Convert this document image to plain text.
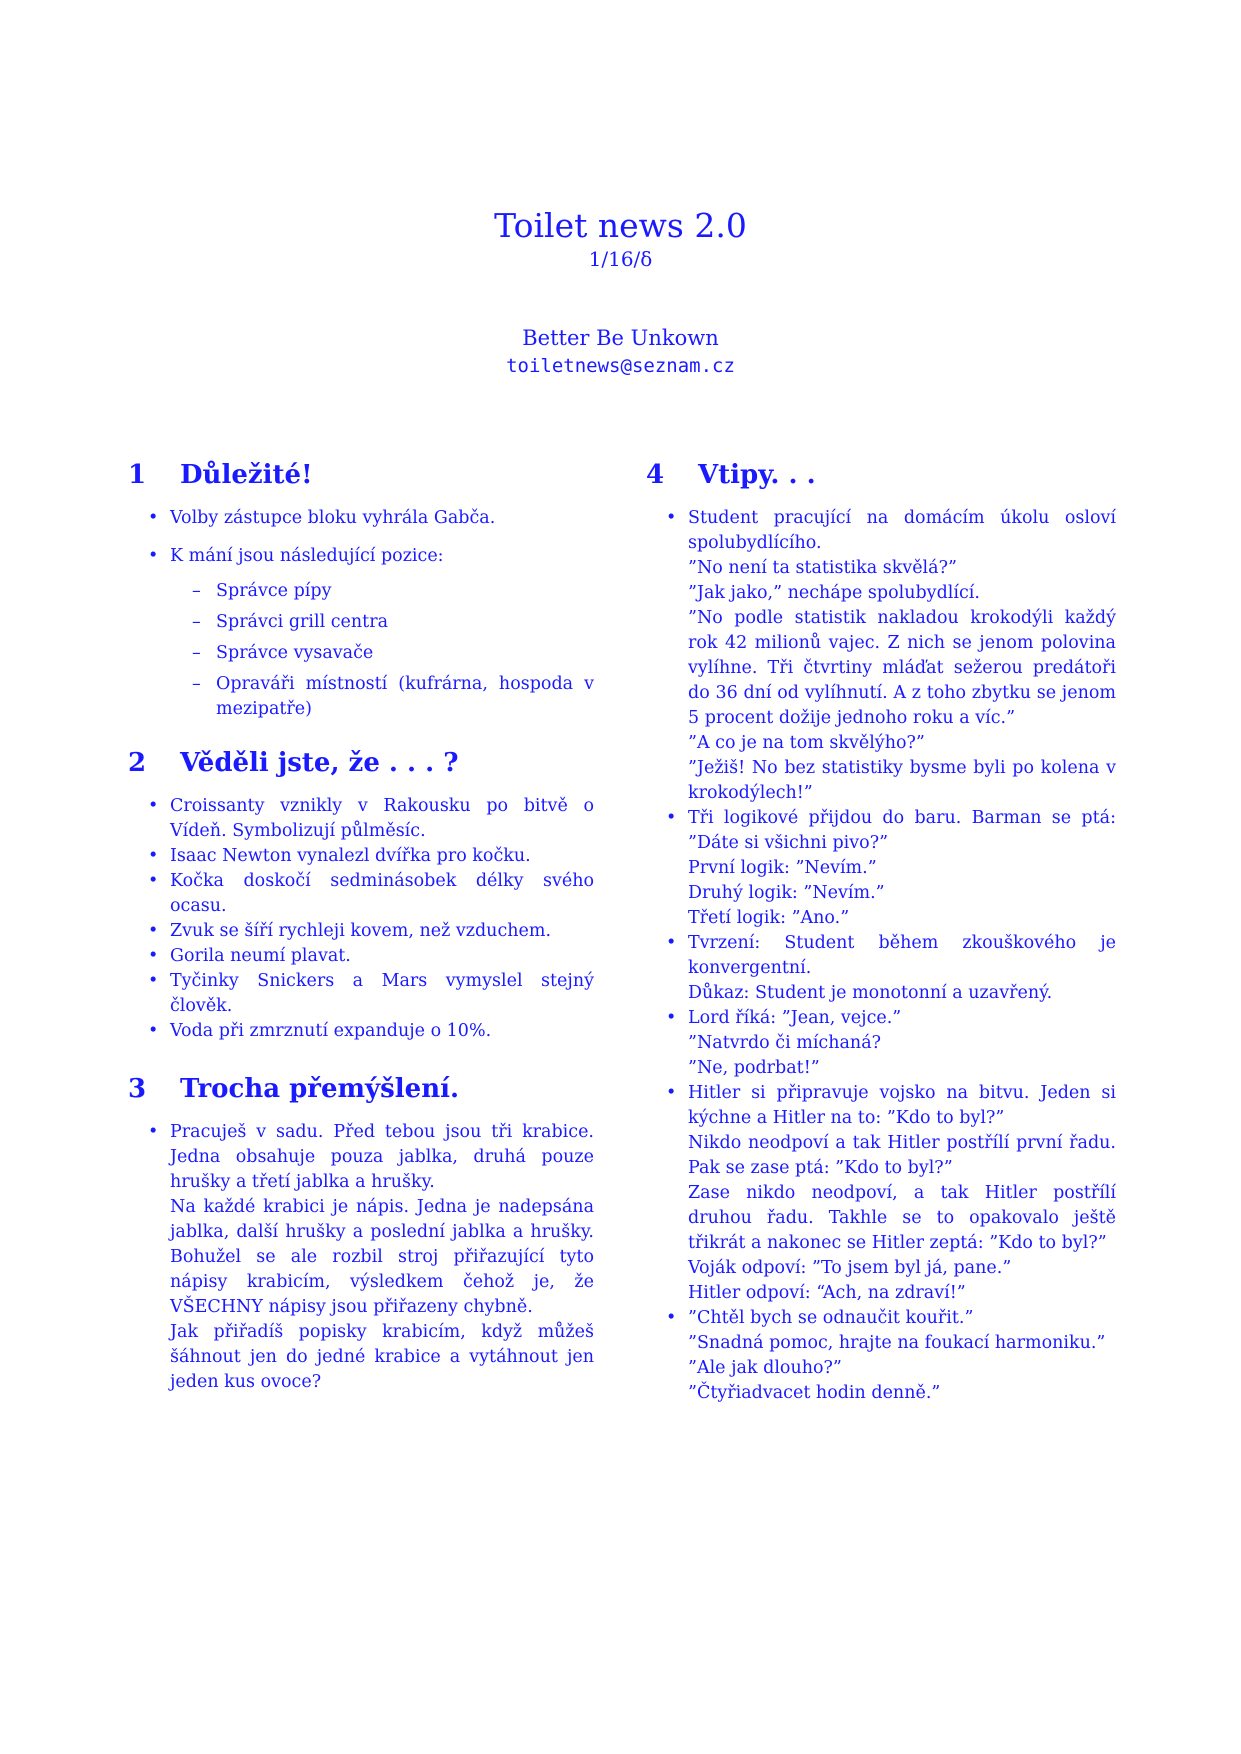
Toilet news 2.0
1/16/δ
Better Be Unkown
toiletnews@seznam.cz
1	Důležité!
• Volby zástupce bloku vyhrála Gabča.
• K mání jsou následující pozice:
– Správce pípy
– Správci grill centra
– Správce vysavače
– Opraváři místností (kufrárna, hospoda v mezipatře)
2	Věděli jste, že . . . ?
• Croissanty vznikly v Rakousku po bitvě o Vídeň. Symbolizují půlměsíc.
• Isaac Newton vynalezl dvířka pro kočku.
• Kočka doskočí sedminásobek délky svého ocasu.
• Zvuk se šíří rychleji kovem, než vzduchem.
• Gorila neumí plavat.
• Tyčinky Snickers a Mars vymyslel stejný člověk.
• Voda při zmrznutí expanduje o 10%.
3	Trocha přemýšlení.
• Pracuješ v sadu. Před tebou jsou tři krabice. Jedna obsahuje pouza jablka, druhá pouze hrušky a třetí jablka a hrušky.
Na každé krabici je nápis. Jedna je nadepsána jablka, další hrušky a poslední jablka a hrušky. Bohužel se ale rozbil stroj přiřazující tyto nápisy krabicím, výsledkem čehož je, že VŠECHNY nápisy jsou přiřazeny chybně.
Jak přiřadíš popisky krabicím, když můžeš šáhnout jen do jedné krabice a vytáhnout jen jeden kus ovoce?
4	Vtipy. . .
• Student pracující na domácím úkolu osloví spolubydlícího.
”No není ta statistika skvělá?”
”Jak jako,” nechápe spolubydlící.
”No podle statistik nakladou krokodýli každý rok 42 milionů vajec. Z nich se jenom polovina vylíhne. Tři čtvrtiny mláďat sežerou predátoři do 36 dní od vylíhnutí. A z toho zbytku se jenom 5 procent dožije jednoho roku a víc.”
”A co je na tom skvělýho?”
”Ježiš! No bez statistiky bysme byli po kolena v krokodýlech!”
• Tři logikové přijdou do baru. Barman se ptá: ”Dáte si všichni pivo?”
První logik: ”Nevím.”
Druhý logik: ”Nevím.”
Třetí logik: ”Ano.”
• Tvrzení: Student během zkouškového je konvergentní.
Důkaz: Student je monotonní a uzavřený.
• Lord říká: ”Jean, vejce.”
”Natvrdo či míchaná?
”Ne, podrbat!”
• Hitler si připravuje vojsko na bitvu. Jeden si kýchne a Hitler na to: ”Kdo to byl?”
Nikdo neodpoví a tak Hitler postřílí první řadu. Pak se zase ptá: ”Kdo to byl?”
Zase nikdo neodpoví, a tak Hitler postřílí druhou řadu. Takhle se to opakovalo ještě třikrát a nakonec se Hitler zeptá: ”Kdo to byl?”
Voják odpoví: ”To jsem byl já, pane.”
Hitler odpoví: “Ach, na zdraví!”
• ”Chtěl bych se odnaučit kouřit.”
”Snadná pomoc, hrajte na foukací harmoniku.”
”Ale jak dlouho?”
”Čtyřiadvacet hodin denně.”
